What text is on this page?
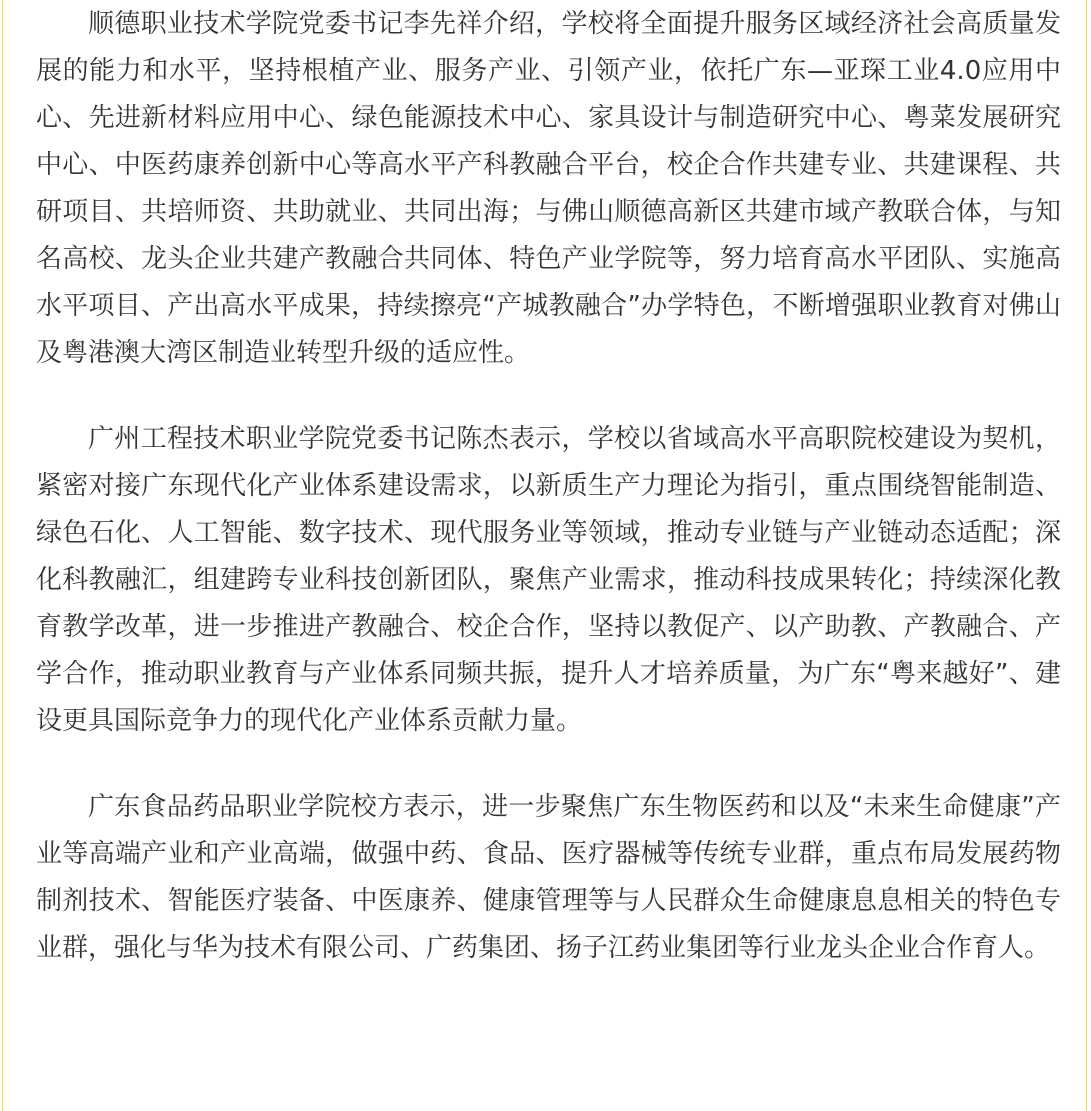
顺德职业技术学院党委书记李先祥介绍，学校将全面提升服务区域经济社会高质量发展的能力和水平，坚持根植产业、服务产业、引领产业，依托广东—亚琛工业4.0应用中心、先进新材料应用中心、绿色能源技术中心、家具设计与制造研究中心、粤菜发展研究中心、中医药康养创新中心等高水平产科教融合平台，校企合作共建专业、共建课程、共研项目、共培师资、共助就业、共同出海；与佛山顺德高新区共建市域产教联合体，与知名高校、龙头企业共建产教融合共同体、特色产业学院等，努力培育高水平团队、实施高水平项目、产出高水平成果，持续擦亮“产城教融合”办学特色，不断增强职业教育对佛山及粤港澳大湾区制造业转型升级的适应性。

广州工程技术职业学院党委书记陈杰表示，学校以省域高水平高职院校建设为契机，紧密对接广东现代化产业体系建设需求，以新质生产力理论为指引，重点围绕智能制造、绿色石化、人工智能、数字技术、现代服务业等领域，推动专业链与产业链动态适配；深化科教融汇，组建跨专业科技创新团队，聚焦产业需求，推动科技成果转化；持续深化教育教学改革，进一步推进产教融合、校企合作，坚持以教促产、以产助教、产教融合、产学合作，推动职业教育与产业体系同频共振，提升人才培养质量，为广东“粤来越好”、建设更具国际竞争力的现代化产业体系贡献力量。

广东食品药品职业学院校方表示，进一步聚焦广东生物医药和以及“未来生命健康”产业等高端产业和产业高端，做强中药、食品、医疗器械等传统专业群，重点布局发展药物制剂技术、智能医疗装备、中医康养、健康管理等与人民群众生命健康息息相关的特色专业群，强化与华为技术有限公司、广药集团、扬子江药业集团等行业龙头企业合作育人。
